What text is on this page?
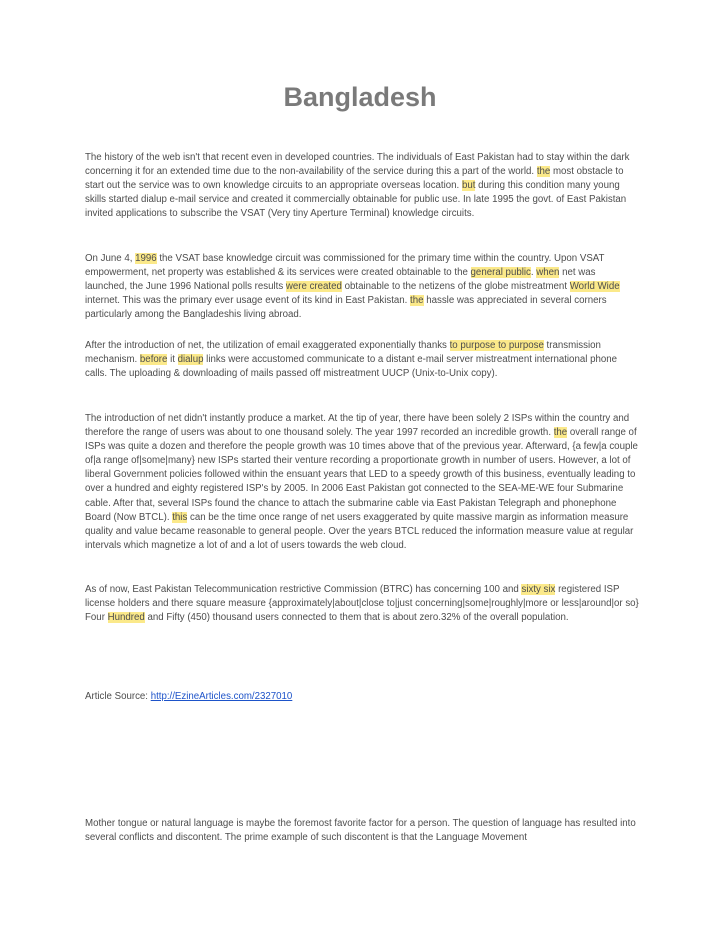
Bangladesh

The history of the web isn't that recent even in developed countries. The individuals of East Pakistan had to stay within the dark concerning it for an extended time due to the non-availability of the service during this a part of the world. the most obstacle to start out the service was to own knowledge circuits to an appropriate overseas location. but during this condition many young skills started dialup e-mail service and created it commercially obtainable for public use. In late 1995 the govt. of East Pakistan invited applications to subscribe the VSAT (Very tiny Aperture Terminal) knowledge circuits.

On June 4, 1996 the VSAT base knowledge circuit was commissioned for the primary time within the country. Upon VSAT empowerment, net property was established & its services were created obtainable to the general public. when net was launched, the June 1996 National polls results were created obtainable to the netizens of the globe mistreatment World Wide internet. This was the primary ever usage event of its kind in East Pakistan. the hassle was appreciated in several corners particularly among the Bangladeshis living abroad.

After the introduction of net, the utilization of email exaggerated exponentially thanks to purpose to purpose transmission mechanism. before it dialup links were accustomed communicate to a distant e-mail server mistreatment international phone calls. The uploading & downloading of mails passed off mistreatment UUCP (Unix-to-Unix copy).

The introduction of net didn't instantly produce a market. At the tip of year, there have been solely 2 ISPs within the country and therefore the range of users was about to one thousand solely. The year 1997 recorded an incredible growth. the overall range of ISPs was quite a dozen and therefore the people growth was 10 times above that of the previous year. Afterward, {a few|a couple of|a range of|some|many} new ISPs started their venture recording a proportionate growth in number of users. However, a lot of liberal Government policies followed within the ensuant years that LED to a speedy growth of this business, eventually leading to over a hundred and eighty registered ISP's by 2005. In 2006 East Pakistan got connected to the SEA-ME-WE four Submarine cable. After that, several ISPs found the chance to attach the submarine cable via East Pakistan Telegraph and phonephone Board (Now BTCL). this can be the time once range of net users exaggerated by quite massive margin as information measure quality and value became reasonable to general people. Over the years BTCL reduced the information measure value at regular intervals which magnetize a lot of and a lot of users towards the web cloud.

As of now, East Pakistan Telecommunication restrictive Commission (BTRC) has concerning 100 and sixty six registered ISP license holders and there square measure {approximately|about|close to|just concerning|some|roughly|more or less|around|or so} Four Hundred and Fifty (450) thousand users connected to them that is about zero.32% of the overall population.

Article Source: http://EzineArticles.com/2327010

Mother tongue or natural language is maybe the foremost favorite factor for a person. The question of language has resulted into several conflicts and discontent. The prime example of such discontent is that the Language Movement
